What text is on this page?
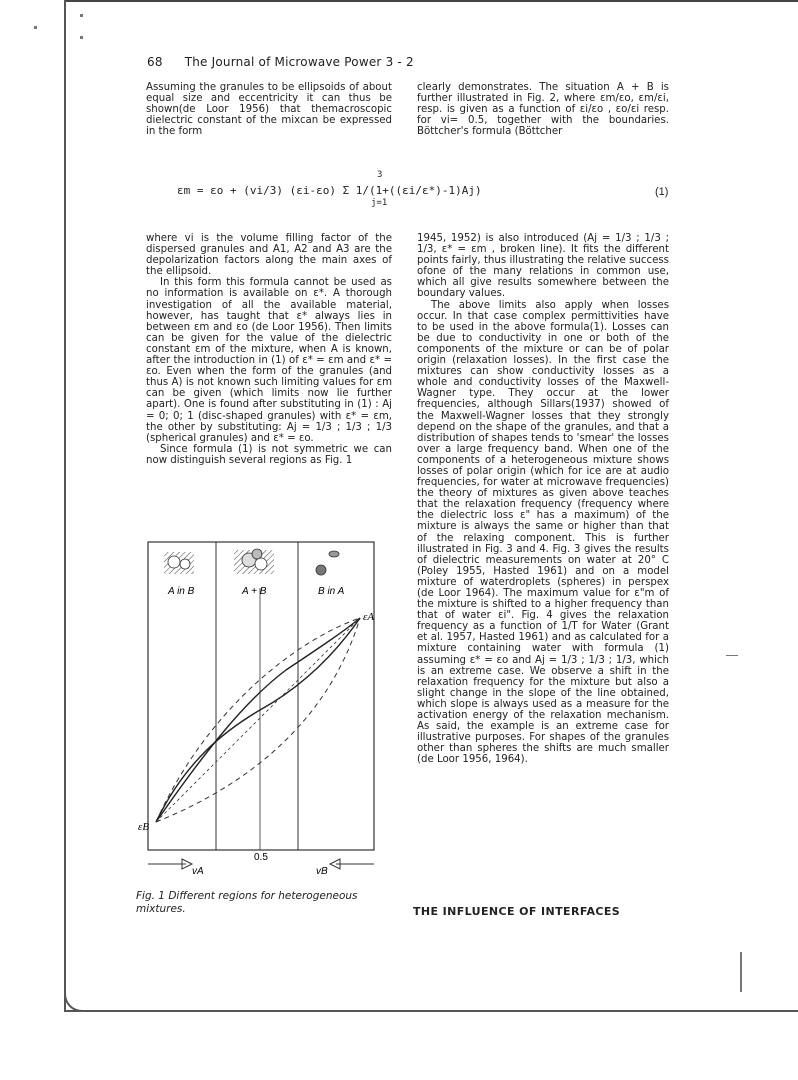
68 The Journal of Microwave Power 3 - 2

Assuming the granules to be ellipsoids of about equal size and eccentricity it can thus be shown(de Loor 1956) that themacroscopic dielectric constant of the mixcan be expressed in the form

clearly demonstrates. The situation A + B is further illustrated in Fig. 2, where εm/εo, εm/εi, resp. is given as a function of εi/εo , εo/εi resp. for vi= 0.5, together with the boundaries. Böttcher's formula (Böttcher

3
εm = εo + (vi/3) (εi-εo) Σ 1/(1+((εi/ε*)-1)Aj)
j=1
(1)

where vi is the volume filling factor of the dispersed granules and A1, A2 and A3 are the depolarization factors along the main axes of the ellipsoid.

In this form this formula cannot be used as no information is available on ε*. A thorough investigation of all the available material, however, has taught that ε* always lies in between εm and εo (de Loor 1956). Then limits can be given for the value of the dielectric constant εm of the mixture, when A is known, after the introduction in (1) of ε* = εm and ε* = εo. Even when the form of the granules (and thus A) is not known such limiting values for εm can be given (which limits now lie further apart). One is found after substituting in (1) : Aj = 0; 0; 1 (disc-shaped granules) with ε* = εm, the other by substituting: Aj = 1/3 ; 1/3 ; 1/3 (spherical granules) and ε* = εo.

Since formula (1) is not symmetric we can now distinguish several regions as Fig. 1

1945, 1952) is also introduced (Aj = 1/3 ; 1/3 ; 1/3, ε* = εm , broken line). It fits the different points fairly, thus illustrating the relative success ofone of the many relations in common use, which all give results somewhere between the boundary values.

The above limits also apply when losses occur. In that case complex permittivities have to be used in the above formula(1). Losses can be due to conductivity in one or both of the components of the mixture or can be of polar origin (relaxation losses). In the first case the mixtures can show conductivity losses as a whole and conductivity losses of the Maxwell-Wagner type. They occur at the lower frequencies, although Sillars(1937) showed of the Maxwell-Wagner losses that they strongly depend on the shape of the granules, and that a distribution of shapes tends to 'smear' the losses over a large frequency band. When one of the components of a heterogeneous mixture shows losses of polar origin (which for ice are at audio frequencies, for water at microwave frequencies) the theory of mixtures as given above teaches that the relaxation frequency (frequency where the dielectric loss ε" has a maximum) of the mixture is always the same or higher than that of the relaxing component. This is further illustrated in Fig. 3 and 4. Fig. 3 gives the results of dielectric measurements on water at 20° C (Poley 1955, Hasted 1961) and on a model mixture of waterdroplets (spheres) in perspex (de Loor 1964). The maximum value for ε"m of the mixture is shifted to a higher frequency than that of water εi". Fig. 4 gives the relaxation frequency as a function of 1/T for Water (Grant et al. 1957, Hasted 1961) and as calculated for a mixture containing water with formula (1) assuming ε* = εo and Aj = 1/3 ; 1/3 ; 1/3, which is an extreme case. We observe a shift in the relaxation frequency for the mixture but also a slight change in the slope of the line obtained, which slope is always used as a measure for the activation energy of the relaxation mechanism. As said, the example is an extreme case for illustrative purposes. For shapes of the granules other than spheres the shifts are much smaller (de Loor 1956, 1964).

A in B	A + B	B in A
εA
εB
vA
0.5
vB
Fig. 1 Different regions for heterogeneous mixtures.	THE INFLUENCE OF INTERFACES
